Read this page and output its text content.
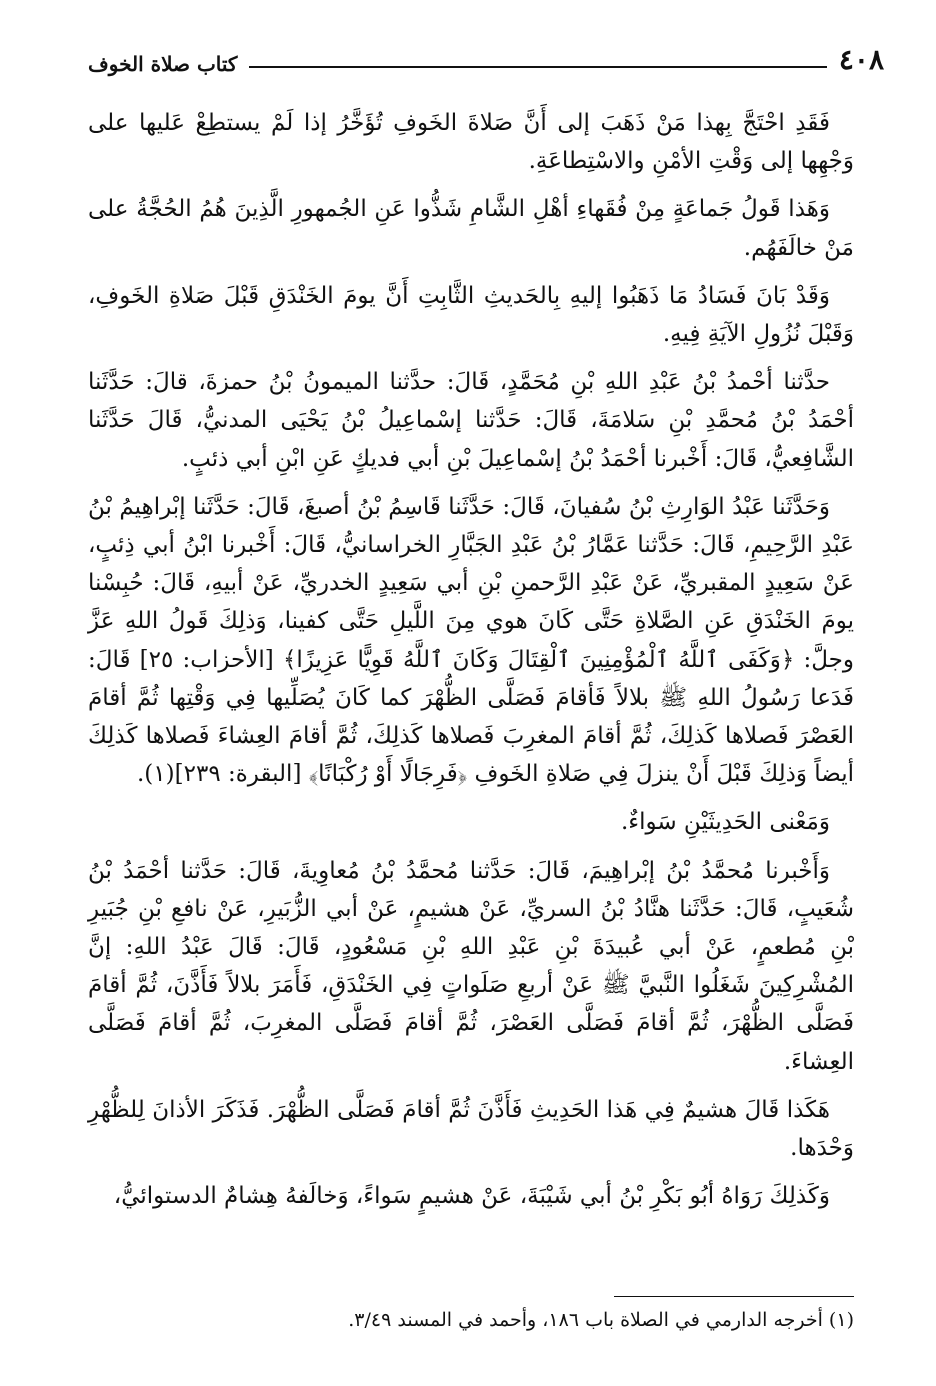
٤٠٨
كتاب صلاة الخوف

فَقَدِ احْتَجَّ بِهذا مَنْ ذَهَبَ إلى أَنَّ صَلاةَ الخَوفِ تُؤَخَّرُ إذا لَمْ يستطِعْ عَليها على وَجْهِها إلى وَقْتِ الأمْنِ والاسْتِطاعَةِ.

وَهَذا قَولُ جَماعَةٍ مِنْ فُقَهاءِ أهْلِ الشَّامِ شَذُّوا عَنِ الجُمهورِ الَّذِينَ هُمُ الحُجَّةُ على مَنْ خالَفَهُم.

وَقَدْ بَانَ فَسَادُ مَا ذَهَبُوا إليهِ بِالحَديثِ الثَّابِتِ أَنَّ يومَ الخَنْدَقِ قَبْلَ صَلاةِ الخَوفِ، وَقَبْلَ نُزُولِ الآيَةِ فِيهِ.

حدَّثنا أحْمدُ بْنُ عَبْدِ اللهِ بْنِ مُحَمَّدٍ، قَالَ: حدَّثنا الميمونُ بْنُ حمزةَ، قالَ: حَدَّثَنا أحْمَدُ بْنُ مُحمَّدِ بْنِ سَلامَةَ، قَالَ: حَدَّثنا إسْماعِيلُ بْنُ يَحْيَى المدنيُّ، قَالَ حَدَّثَنا الشَّافِعيُّ، قَالَ: أَخْبرنا أحْمَدُ بْنُ إسْماعِيلَ بْنِ أبي فديكٍ عَنِ ابْنِ أبي ذئبٍ.

وَحَدَّثَنا عَبْدُ الوَارِثِ بْنُ سُفيانَ، قَالَ: حَدَّثَنا قَاسِمُ بْنُ أصبغَ، قَالَ: حَدَّثَنا إبْراهِيمُ بْنُ عَبْدِ الرَّحِيمِ، قَالَ: حَدَّثنا عَمَّارُ بْنُ عَبْدِ الجَبَّارِ الخراسانيُّ، قَالَ: أَخْبرنا ابْنُ أبي ذِئبٍ، عَنْ سَعِيدٍ المقبريِّ، عَنْ عَبْدِ الرَّحمنِ بْنِ أبي سَعِيدٍ الخدريِّ، عَنْ أبيهِ، قَالَ: حُبِسْنا يومَ الخَنْدَقِ عَنِ الصَّلاةِ حَتَّى كَانَ هوي مِنَ اللَّيلِ حَتَّى كفينا، وَذلِكَ قَولُ اللهِ عَزَّ وجلَّ: ﴿وَكَفَى ٱللَّهُ ٱلْمُؤْمِنِينَ ٱلْقِتَالَ وَكَانَ ٱللَّهُ قَوِيًّا عَزِيزًا﴾ [الأحزاب: ٢٥] قَالَ: فَدَعا رَسُولُ اللهِ ﷺ بلالاً فَأقامَ فَصَلَّى الظُّهْرَ كما كَانَ يُصَلِّيها فِي وَقْتِها ثُمَّ أقامَ العَصْرَ فَصلاها كَذلِكَ، ثُمَّ أقامَ المغرِبَ فَصلاها كَذلِكَ، ثُمَّ أقامَ العِشاءَ فَصلاها كَذلِكَ أيضاً وَذلِكَ قَبْلَ أَنْ ينزلَ فِي صَلاةِ الخَوفِ ﴿فَرِجَالًا أَوْ رُكْبَانًا﴾ [البقرة: ٢٣٩](١).

وَمَعْنى الحَدِيثَيْنِ سَواءٌ.

وَأَخْبرنا مُحمَّدُ بْنُ إبْراهِيمَ، قَالَ: حَدَّثنا مُحمَّدُ بْنُ مُعاوِيةَ، قَالَ: حَدَّثنا أحْمَدُ بْنُ شُعَيبٍ، قَالَ: حَدَّثَنا هنَّادُ بْنُ السريِّ، عَنْ هشيمٍ، عَنْ أبي الزُّبَيرِ، عَنْ نافعِ بْنِ جُبَيرِ بْنِ مُطعمٍ، عَنْ أبي عُبيدَةَ بْنِ عَبْدِ اللهِ بْنِ مَسْعُودٍ، قَالَ: قَالَ عَبْدُ اللهِ: إنَّ المُشْرِكِينَ شَغَلُوا النَّبيَّ ﷺ عَنْ أربعِ صَلَواتٍ فِي الخَنْدَقِ، فَأَمَرَ بلالاً فَأَذَّنَ، ثُمَّ أقامَ فَصَلَّى الظُّهْرَ، ثُمَّ أقامَ فَصَلَّى العَصْرَ، ثُمَّ أقامَ فَصَلَّى المغرِبَ، ثُمَّ أقامَ فَصَلَّى العِشاءَ.

هَكَذا قَالَ هشيمٌ فِي هَذا الحَدِيثِ فَأَذَّنَ ثُمَّ أقامَ فَصَلَّى الظُّهْرَ. فَذَكَرَ الأذانَ لِلظُّهْرِ وَحْدَها.

وَكَذلِكَ رَوَاهُ أبُو بَكْرِ بْنُ أبي شَيْبَةَ، عَنْ هشيمٍ سَواءً، وَخالَفهُ هِشامٌ الدستوائيُّ،

(١) أخرجه الدارمي في الصلاة باب ١٨٦، وأحمد في المسند ٣/٤٩.
